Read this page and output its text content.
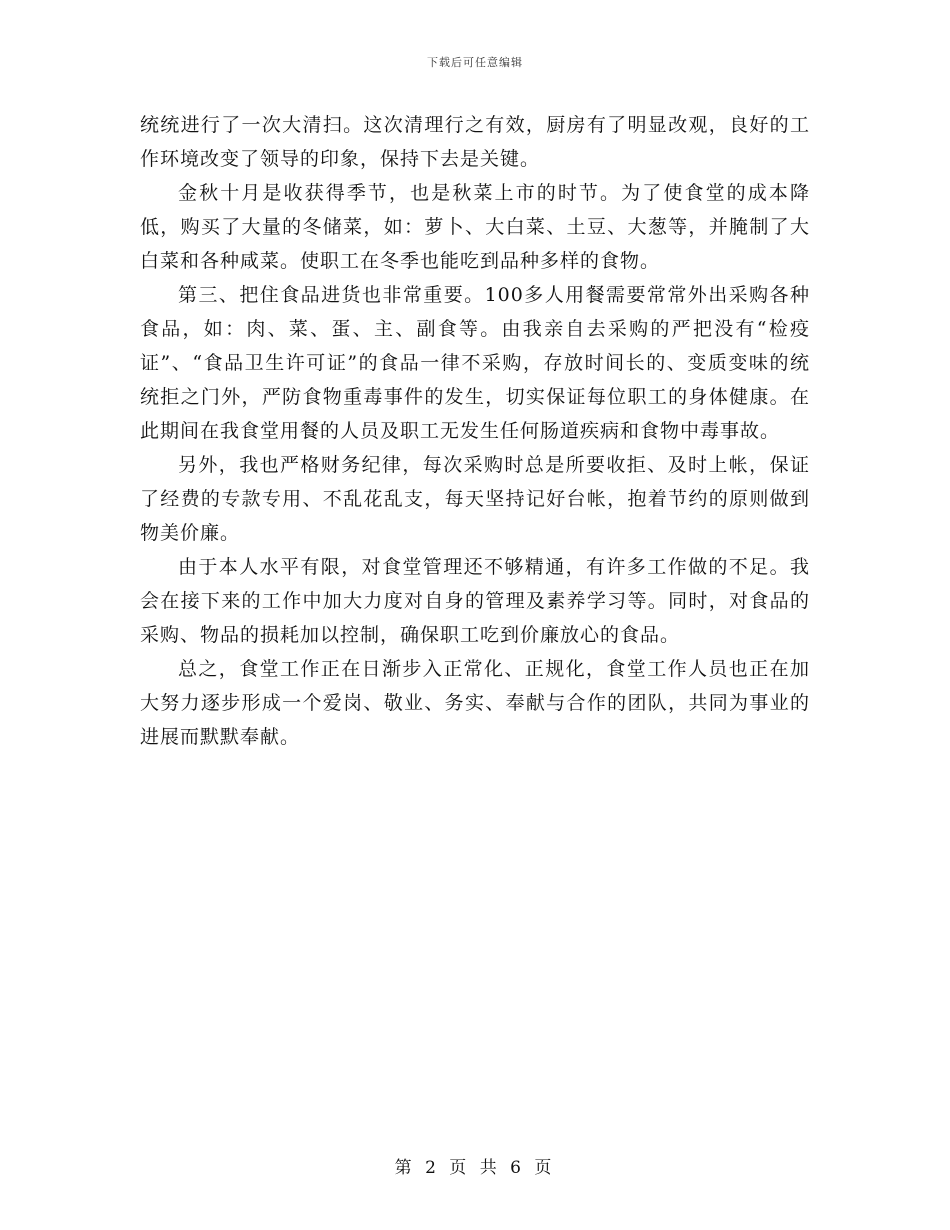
下载后可任意编辑

统统进行了一次大清扫。这次清理行之有效，厨房有了明显改观，良好的工作环境改变了领导的印象，保持下去是关键。

金秋十月是收获得季节，也是秋菜上市的时节。为了使食堂的成本降低，购买了大量的冬储菜，如：萝卜、大白菜、土豆、大葱等，并腌制了大白菜和各种咸菜。使职工在冬季也能吃到品种多样的食物。

第三、把住食品进货也非常重要。100多人用餐需要常常外出采购各种食品，如：肉、菜、蛋、主、副食等。由我亲自去采购的严把没有“检疫证”、“食品卫生许可证”的食品一律不采购，存放时间长的、变质变味的统统拒之门外，严防食物重毒事件的发生，切实保证每位职工的身体健康。在此期间在我食堂用餐的人员及职工无发生任何肠道疾病和食物中毒事故。

另外，我也严格财务纪律，每次采购时总是所要收拒、及时上帐，保证了经费的专款专用、不乱花乱支，每天坚持记好台帐，抱着节约的原则做到物美价廉。

由于本人水平有限，对食堂管理还不够精通，有许多工作做的不足。我会在接下来的工作中加大力度对自身的管理及素养学习等。同时，对食品的采购、物品的损耗加以控制，确保职工吃到价廉放心的食品。

总之，食堂工作正在日渐步入正常化、正规化，食堂工作人员也正在加大努力逐步形成一个爱岗、敬业、务实、奉献与合作的团队，共同为事业的进展而默默奉献。

第 2 页 共 6 页
